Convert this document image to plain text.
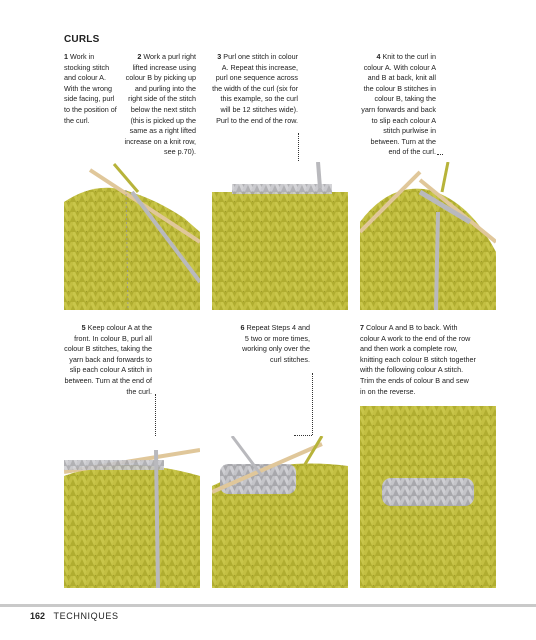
CURLS
1 Work in stocking stitch and colour A. With the wrong side facing, purl to the position of the curl.
2 Work a purl right lifted increase using colour B by picking up and purling into the right side of the stitch below the next stitch (this is picked up the same as a right lifted increase on a knit row, see p.70).
3 Purl one stitch in colour A. Repeat this increase, purl one sequence across the width of the curl (six for this example, so the curl will be 12 stitches wide). Purl to the end of the row.
4 Knit to the curl in colour A. With colour A and B at back, knit all the colour B stitches in colour B, taking the yarn forwards and back to slip each colour A stitch purlwise in between. Turn at the end of the curl.
5 Keep colour A at the front. In colour B, purl all colour B stitches, taking the yarn back and forwards to slip each colour A stitch in between. Turn at the end of the curl.
6 Repeat Steps 4 and 5 two or more times, working only over the curl stitches.
7 Colour A and B to back. With colour A work to the end of the row and then work a complete row, knitting each colour B stitch together with the following colour A stitch. Trim the ends of colour B and sew in on the reverse.
162 TECHNIQUES
